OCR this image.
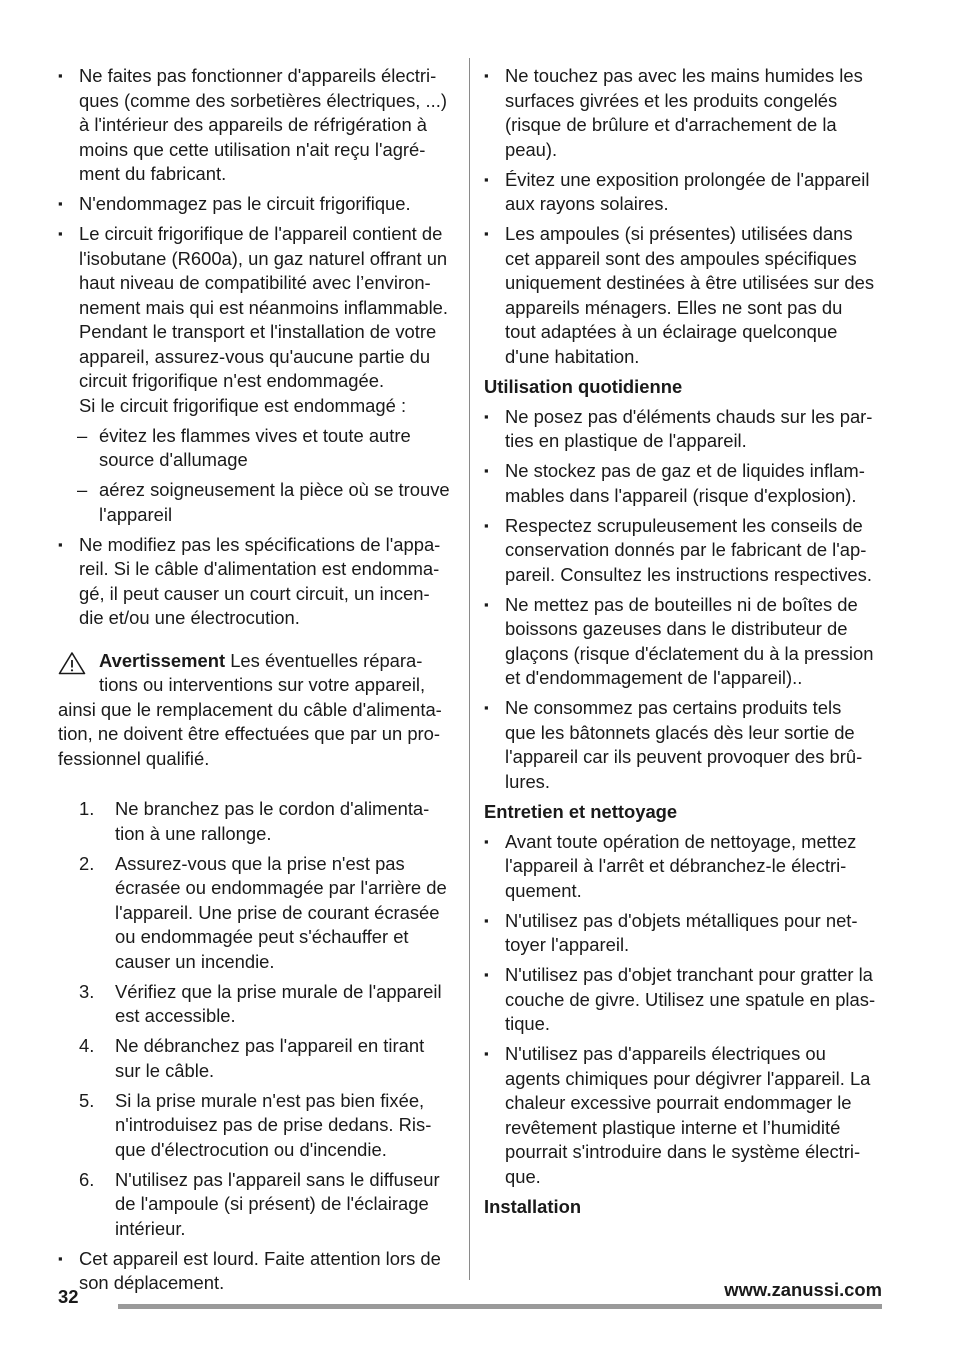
▪ Ne faites pas fonctionner d'appareils électri-
ques (comme des sorbetières électriques, ...)
à l'intérieur des appareils de réfrigération à
moins que cette utilisation n'ait reçu l'agré-
ment du fabricant.
▪ N'endommagez pas le circuit frigorifique.
▪ Le circuit frigorifique de l'appareil contient de
l'isobutane (R600a), un gaz naturel offrant un
haut niveau de compatibilité avec l’environ-
nement mais qui est néanmoins inflammable.
Pendant le transport et l'installation de votre
appareil, assurez-vous qu'aucune partie du
circuit frigorifique n'est endommagée.
Si le circuit frigorifique est endommagé :
– évitez les flammes vives et toute autre
source d'allumage
– aérez soigneusement la pièce où se trouve
l'appareil
▪ Ne modifiez pas les spécifications de l'appa-
reil. Si le câble d'alimentation est endomma-
gé, il peut causer un court circuit, un incen-
die et/ou une électrocution.
Avertissement Les éventuelles répara-
tions ou interventions sur votre appareil,
ainsi que le remplacement du câble d'alimenta-
tion, ne doivent être effectuées que par un pro-
fessionnel qualifié.
1. Ne branchez pas le cordon d'alimenta-
tion à une rallonge.
2. Assurez-vous que la prise n'est pas
écrasée ou endommagée par l'arrière de
l'appareil. Une prise de courant écrasée
ou endommagée peut s'échauffer et
causer un incendie.
3. Vérifiez que la prise murale de l'appareil
est accessible.
4. Ne débranchez pas l'appareil en tirant
sur le câble.
5. Si la prise murale n'est pas bien fixée,
n'introduisez pas de prise dedans. Ris-
que d'électrocution ou d'incendie.
6. N'utilisez pas l'appareil sans le diffuseur
de l'ampoule (si présent) de l'éclairage
intérieur.
▪ Cet appareil est lourd. Faite attention lors de
son déplacement.
▪ Ne touchez pas avec les mains humides les
surfaces givrées et les produits congelés
(risque de brûlure et d'arrachement de la
peau).
▪ Évitez une exposition prolongée de l'appareil
aux rayons solaires.
▪ Les ampoules (si présentes) utilisées dans
cet appareil sont des ampoules spécifiques
uniquement destinées à être utilisées sur des
appareils ménagers. Elles ne sont pas du
tout adaptées à un éclairage quelconque
d'une habitation.
Utilisation quotidienne
▪ Ne posez pas d'éléments chauds sur les par-
ties en plastique de l'appareil.
▪ Ne stockez pas de gaz et de liquides inflam-
mables dans l'appareil (risque d'explosion).
▪ Respectez scrupuleusement les conseils de
conservation donnés par le fabricant de l'ap-
pareil. Consultez les instructions respectives.
▪ Ne mettez pas de bouteilles ni de boîtes de
boissons gazeuses dans le distributeur de
glaçons (risque d'éclatement du à la pression
et d'endommagement de l'appareil)..
▪ Ne consommez pas certains produits tels
que les bâtonnets glacés dès leur sortie de
l'appareil car ils peuvent provoquer des brû-
lures.
Entretien et nettoyage
▪ Avant toute opération de nettoyage, mettez
l'appareil à l'arrêt et débranchez-le électri-
quement.
▪ N'utilisez pas d'objets métalliques pour net-
toyer l'appareil.
▪ N'utilisez pas d'objet tranchant pour gratter la
couche de givre. Utilisez une spatule en plas-
tique.
▪ N'utilisez pas d'appareils électriques ou
agents chimiques pour dégivrer l'appareil. La
chaleur excessive pourrait endommager le
revêtement plastique interne et l’humidité
pourrait s'introduire dans le système électri-
que.
Installation
32	www.zanussi.com
